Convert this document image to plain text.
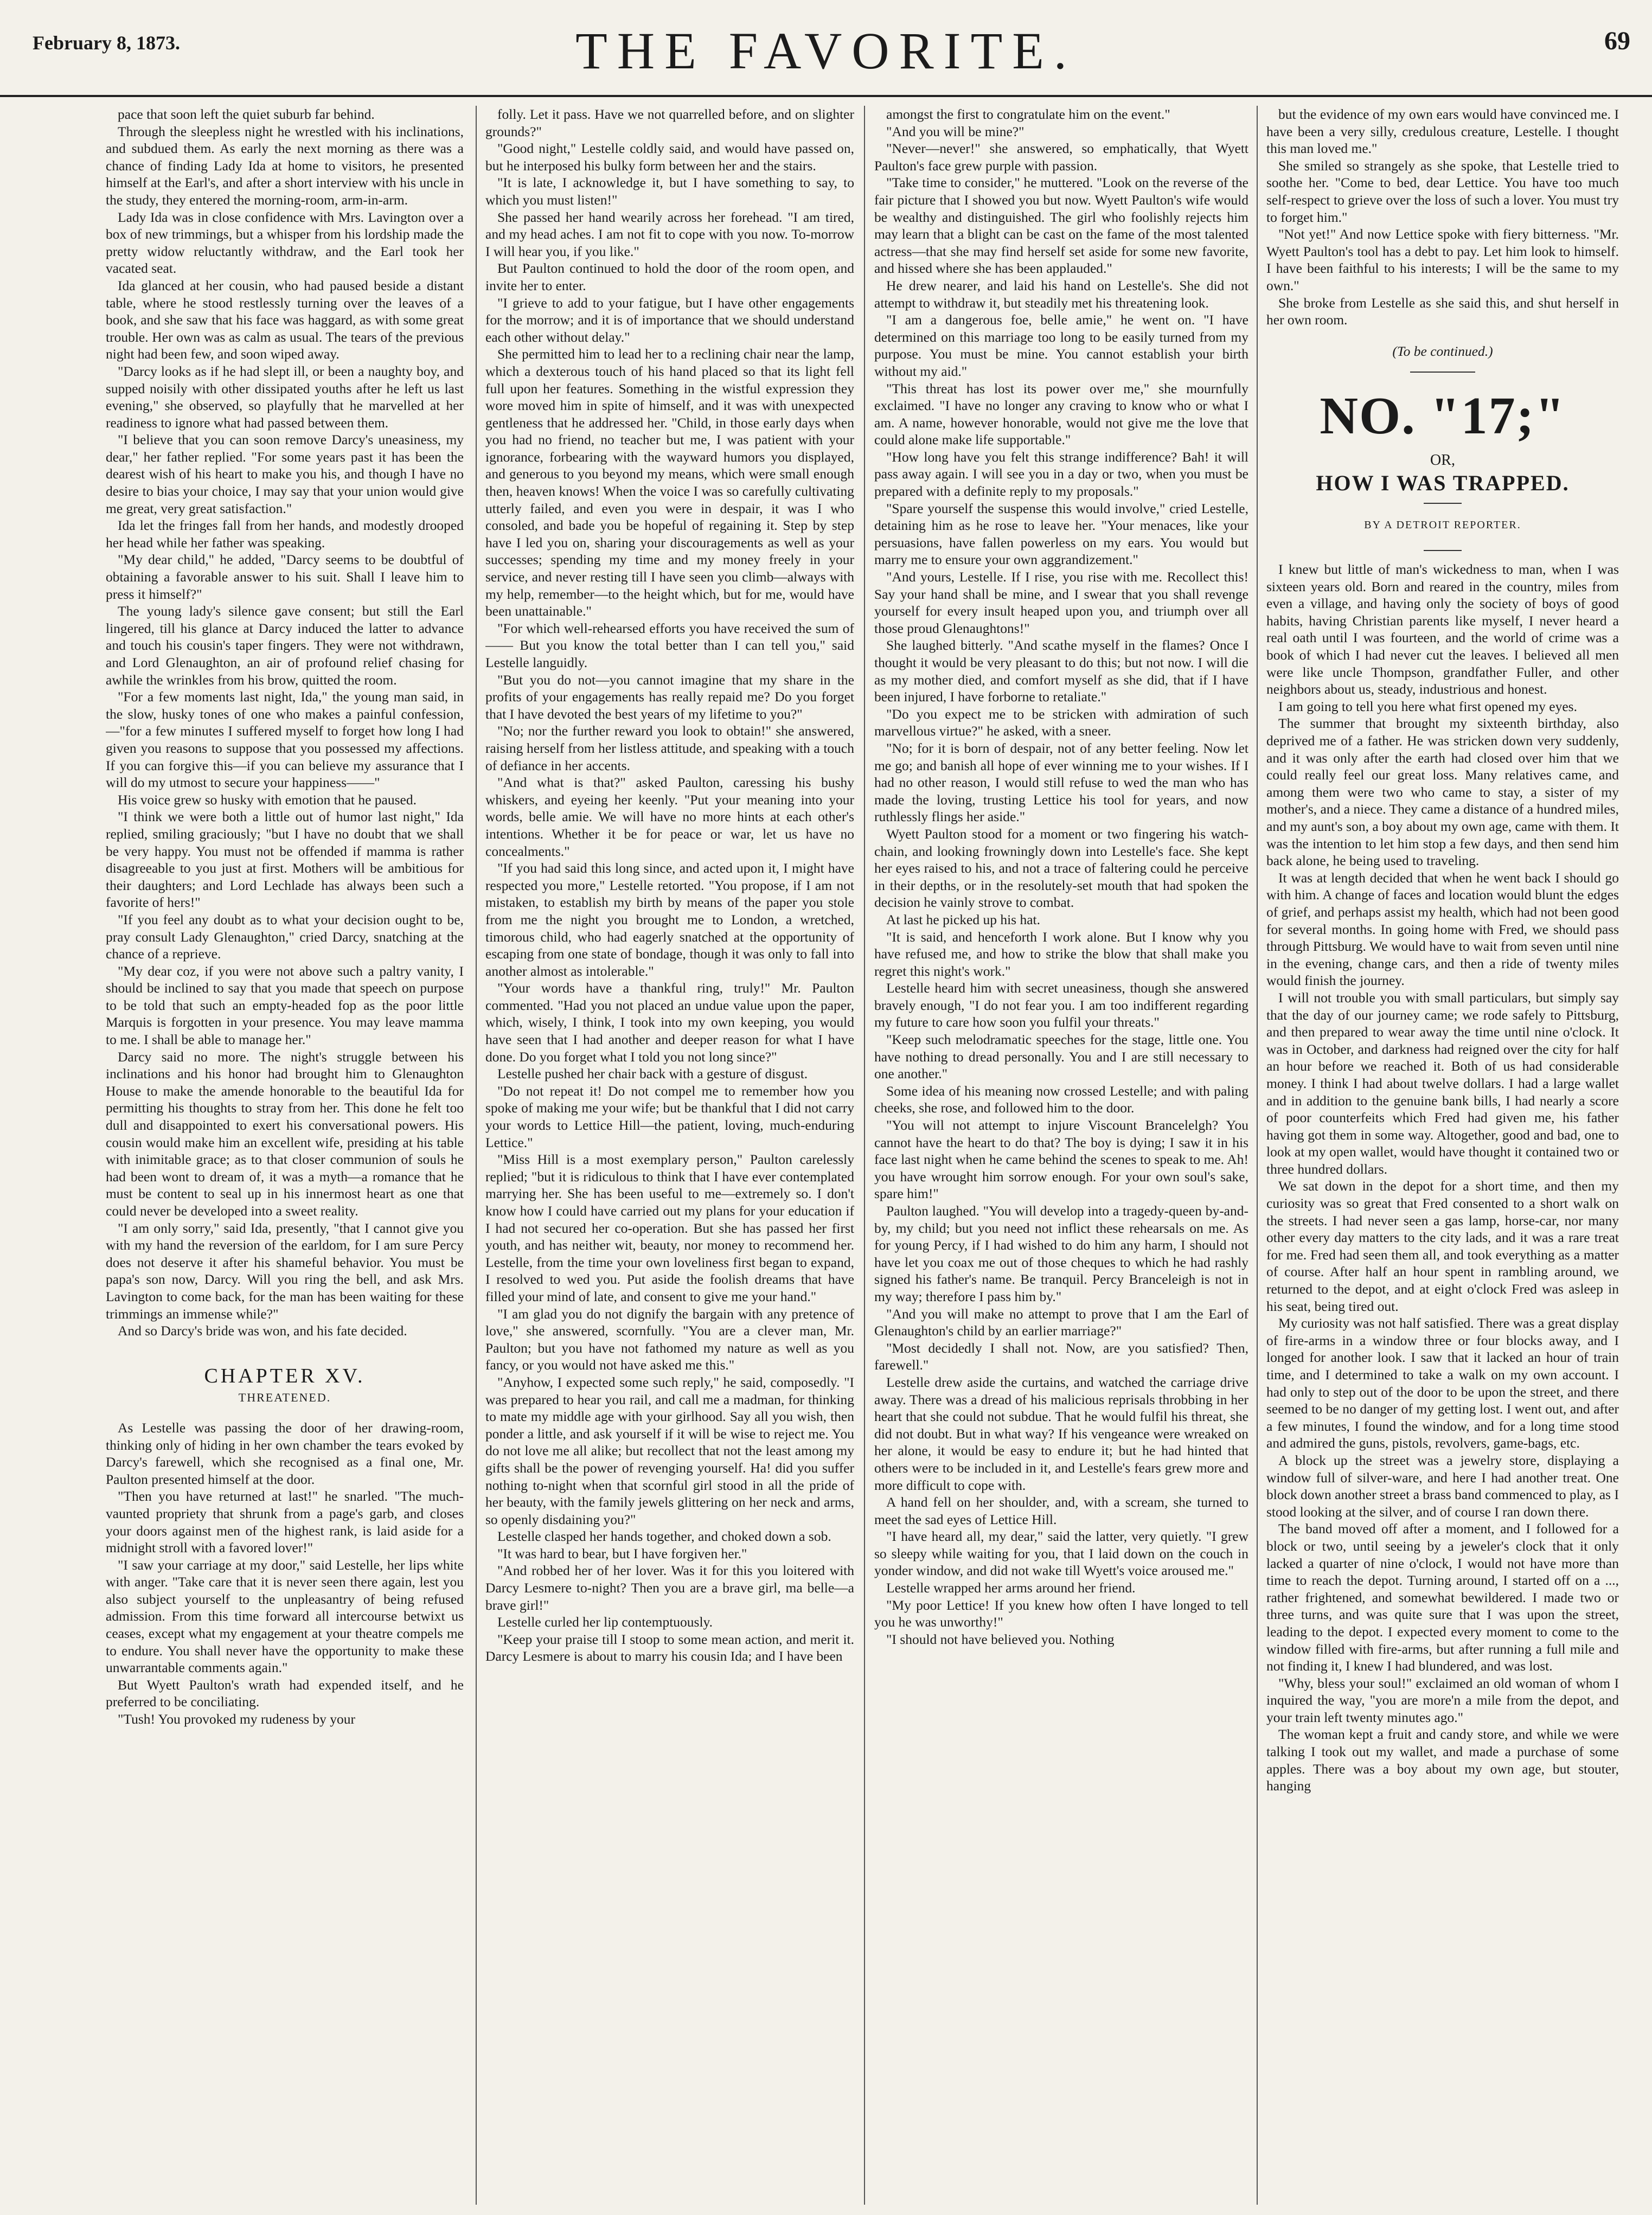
February 8, 1873.	THE FAVORITE.	69

pace that soon left the quiet suburb far behind.

Through the sleepless night he wrestled with his inclinations, and subdued them. As early the next morning as there was a chance of finding Lady Ida at home to visitors, he presented himself at the Earl's, and after a short interview with his uncle in the study, they entered the morning-room, arm-in-arm.

Lady Ida was in close confidence with Mrs. Lavington over a box of new trimmings, but a whisper from his lordship made the pretty widow reluctantly withdraw, and the Earl took her vacated seat.

Ida glanced at her cousin, who had paused beside a distant table, where he stood restlessly turning over the leaves of a book, and she saw that his face was haggard, as with some great trouble. Her own was as calm as usual. The tears of the previous night had been few, and soon wiped away.

"Darcy looks as if he had slept ill, or been a naughty boy, and supped noisily with other dissipated youths after he left us last evening," she observed, so playfully that he marvelled at her readiness to ignore what had passed between them.

"I believe that you can soon remove Darcy's uneasiness, my dear," her father replied. "For some years past it has been the dearest wish of his heart to make you his, and though I have no desire to bias your choice, I may say that your union would give me great, very great satisfaction."

Ida let the fringes fall from her hands, and modestly drooped her head while her father was speaking.

"My dear child," he added, "Darcy seems to be doubtful of obtaining a favorable answer to his suit. Shall I leave him to press it himself?"

The young lady's silence gave consent; but still the Earl lingered, till his glance at Darcy induced the latter to advance and touch his cousin's taper fingers. They were not withdrawn, and Lord Glenaughton, an air of profound relief chasing for awhile the wrinkles from his brow, quitted the room.

"For a few moments last night, Ida," the young man said, in the slow, husky tones of one who makes a painful confession,—"for a few minutes I suffered myself to forget how long I had given you reasons to suppose that you possessed my affections. If you can forgive this—if you can believe my assurance that I will do my utmost to secure your happiness——"

His voice grew so husky with emotion that he paused.

"I think we were both a little out of humor last night," Ida replied, smiling graciously; "but I have no doubt that we shall be very happy. You must not be offended if mamma is rather disagreeable to you just at first. Mothers will be ambitious for their daughters; and Lord Lechlade has always been such a favorite of hers!"

"If you feel any doubt as to what your decision ought to be, pray consult Lady Glenaughton," cried Darcy, snatching at the chance of a reprieve.

"My dear coz, if you were not above such a paltry vanity, I should be inclined to say that you made that speech on purpose to be told that such an empty-headed fop as the poor little Marquis is forgotten in your presence. You may leave mamma to me. I shall be able to manage her."

Darcy said no more. The night's struggle between his inclinations and his honor had brought him to Glenaughton House to make the amende honorable to the beautiful Ida for permitting his thoughts to stray from her. This done he felt too dull and disappointed to exert his conversational powers. His cousin would make him an excellent wife, presiding at his table with inimitable grace; as to that closer communion of souls he had been wont to dream of, it was a myth—a romance that he must be content to seal up in his innermost heart as one that could never be developed into a sweet reality.

"I am only sorry," said Ida, presently, "that I cannot give you with my hand the reversion of the earldom, for I am sure Percy does not deserve it after his shameful behavior. You must be papa's son now, Darcy. Will you ring the bell, and ask Mrs. Lavington to come back, for the man has been waiting for these trimmings an immense while?"

And so Darcy's bride was won, and his fate decided.

CHAPTER XV.
THREATENED.

As Lestelle was passing the door of her drawing-room, thinking only of hiding in her own chamber the tears evoked by Darcy's farewell, which she recognised as a final one, Mr. Paulton presented himself at the door.

"Then you have returned at last!" he snarled. "The much-vaunted propriety that shrunk from a page's garb, and closes your doors against men of the highest rank, is laid aside for a midnight stroll with a favored lover!"

"I saw your carriage at my door," said Lestelle, her lips white with anger. "Take care that it is never seen there again, lest you also subject yourself to the unpleasantry of being refused admission. From this time forward all intercourse betwixt us ceases, except what my engagement at your theatre compels me to endure. You shall never have the opportunity to make these unwarrantable comments again."

But Wyett Paulton's wrath had expended itself, and he preferred to be conciliating.

"Tush! You provoked my rudeness by your

folly. Let it pass. Have we not quarrelled before, and on slighter grounds?"

"Good night," Lestelle coldly said, and would have passed on, but he interposed his bulky form between her and the stairs.

"It is late, I acknowledge it, but I have something to say, to which you must listen!"

She passed her hand wearily across her forehead. "I am tired, and my head aches. I am not fit to cope with you now. To-morrow I will hear you, if you like."

But Paulton continued to hold the door of the room open, and invite her to enter.

"I grieve to add to your fatigue, but I have other engagements for the morrow; and it is of importance that we should understand each other without delay."

She permitted him to lead her to a reclining chair near the lamp, which a dexterous touch of his hand placed so that its light fell full upon her features. Something in the wistful expression they wore moved him in spite of himself, and it was with unexpected gentleness that he addressed her. "Child, in those early days when you had no friend, no teacher but me, I was patient with your ignorance, forbearing with the wayward humors you displayed, and generous to you beyond my means, which were small enough then, heaven knows! When the voice I was so carefully cultivating utterly failed, and even you were in despair, it was I who consoled, and bade you be hopeful of regaining it. Step by step have I led you on, sharing your discouragements as well as your successes; spending my time and my money freely in your service, and never resting till I have seen you climb—always with my help, remember—to the height which, but for me, would have been unattainable."

"For which well-rehearsed efforts you have received the sum of—— But you know the total better than I can tell you," said Lestelle languidly.

"But you do not—you cannot imagine that my share in the profits of your engagements has really repaid me? Do you forget that I have devoted the best years of my lifetime to you?"

"No; nor the further reward you look to obtain!" she answered, raising herself from her listless attitude, and speaking with a touch of defiance in her accents.

"And what is that?" asked Paulton, caressing his bushy whiskers, and eyeing her keenly. "Put your meaning into your words, belle amie. We will have no more hints at each other's intentions. Whether it be for peace or war, let us have no concealments."

"If you had said this long since, and acted upon it, I might have respected you more," Lestelle retorted. "You propose, if I am not mistaken, to establish my birth by means of the paper you stole from me the night you brought me to London, a wretched, timorous child, who had eagerly snatched at the opportunity of escaping from one state of bondage, though it was only to fall into another almost as intolerable."

"Your words have a thankful ring, truly!" Mr. Paulton commented. "Had you not placed an undue value upon the paper, which, wisely, I think, I took into my own keeping, you would have seen that I had another and deeper reason for what I have done. Do you forget what I told you not long since?"

Lestelle pushed her chair back with a gesture of disgust.

"Do not repeat it! Do not compel me to remember how you spoke of making me your wife; but be thankful that I did not carry your words to Lettice Hill—the patient, loving, much-enduring Lettice."

"Miss Hill is a most exemplary person," Paulton carelessly replied; "but it is ridiculous to think that I have ever contemplated marrying her. She has been useful to me—extremely so. I don't know how I could have carried out my plans for your education if I had not secured her co-operation. But she has passed her first youth, and has neither wit, beauty, nor money to recommend her. Lestelle, from the time your own loveliness first began to expand, I resolved to wed you. Put aside the foolish dreams that have filled your mind of late, and consent to give me your hand."

"I am glad you do not dignify the bargain with any pretence of love," she answered, scornfully. "You are a clever man, Mr. Paulton; but you have not fathomed my nature as well as you fancy, or you would not have asked me this."

"Anyhow, I expected some such reply," he said, composedly. "I was prepared to hear you rail, and call me a madman, for thinking to mate my middle age with your girlhood. Say all you wish, then ponder a little, and ask yourself if it will be wise to reject me. You do not love me all alike; but recollect that not the least among my gifts shall be the power of revenging yourself. Ha! did you suffer nothing to-night when that scornful girl stood in all the pride of her beauty, with the family jewels glittering on her neck and arms, so openly disdaining you?"

Lestelle clasped her hands together, and choked down a sob.

"It was hard to bear, but I have forgiven her."

"And robbed her of her lover. Was it for this you loitered with Darcy Lesmere to-night? Then you are a brave girl, ma belle—a brave girl!"

Lestelle curled her lip contemptuously.

"Keep your praise till I stoop to some mean action, and merit it. Darcy Lesmere is about to marry his cousin Ida; and I have been

amongst the first to congratulate him on the event."

"And you will be mine?"

"Never—never!" she answered, so emphatically, that Wyett Paulton's face grew purple with passion.

"Take time to consider," he muttered. "Look on the reverse of the fair picture that I showed you but now. Wyett Paulton's wife would be wealthy and distinguished. The girl who foolishly rejects him may learn that a blight can be cast on the fame of the most talented actress—that she may find herself set aside for some new favorite, and hissed where she has been applauded."

He drew nearer, and laid his hand on Lestelle's. She did not attempt to withdraw it, but steadily met his threatening look.

"I am a dangerous foe, belle amie," he went on. "I have determined on this marriage too long to be easily turned from my purpose. You must be mine. You cannot establish your birth without my aid."

"This threat has lost its power over me," she mournfully exclaimed. "I have no longer any craving to know who or what I am. A name, however honorable, would not give me the love that could alone make life supportable."

"How long have you felt this strange indifference? Bah! it will pass away again. I will see you in a day or two, when you must be prepared with a definite reply to my proposals."

"Spare yourself the suspense this would involve," cried Lestelle, detaining him as he rose to leave her. "Your menaces, like your persuasions, have fallen powerless on my ears. You would but marry me to ensure your own aggrandizement."

"And yours, Lestelle. If I rise, you rise with me. Recollect this! Say your hand shall be mine, and I swear that you shall revenge yourself for every insult heaped upon you, and triumph over all those proud Glenaughtons!"

She laughed bitterly. "And scathe myself in the flames? Once I thought it would be very pleasant to do this; but not now. I will die as my mother died, and comfort myself as she did, that if I have been injured, I have forborne to retaliate."

"Do you expect me to be stricken with admiration of such marvellous virtue?" he asked, with a sneer.

"No; for it is born of despair, not of any better feeling. Now let me go; and banish all hope of ever winning me to your wishes. If I had no other reason, I would still refuse to wed the man who has made the loving, trusting Lettice his tool for years, and now ruthlessly flings her aside."

Wyett Paulton stood for a moment or two fingering his watch-chain, and looking frowningly down into Lestelle's face. She kept her eyes raised to his, and not a trace of faltering could he perceive in their depths, or in the resolutely-set mouth that had spoken the decision he vainly strove to combat.

At last he picked up his hat.

"It is said, and henceforth I work alone. But I know why you have refused me, and how to strike the blow that shall make you regret this night's work."

Lestelle heard him with secret uneasiness, though she answered bravely enough, "I do not fear you. I am too indifferent regarding my future to care how soon you fulfil your threats."

"Keep such melodramatic speeches for the stage, little one. You have nothing to dread personally. You and I are still necessary to one another."

Some idea of his meaning now crossed Lestelle; and with paling cheeks, she rose, and followed him to the door.

"You will not attempt to injure Viscount Brancelelgh? You cannot have the heart to do that? The boy is dying; I saw it in his face last night when he came behind the scenes to speak to me. Ah! you have wrought him sorrow enough. For your own soul's sake, spare him!"

Paulton laughed. "You will develop into a tragedy-queen by-and-by, my child; but you need not inflict these rehearsals on me. As for young Percy, if I had wished to do him any harm, I should not have let you coax me out of those cheques to which he had rashly signed his father's name. Be tranquil. Percy Branceleigh is not in my way; therefore I pass him by."

"And you will make no attempt to prove that I am the Earl of Glenaughton's child by an earlier marriage?"

"Most decidedly I shall not. Now, are you satisfied? Then, farewell."

Lestelle drew aside the curtains, and watched the carriage drive away. There was a dread of his malicious reprisals throbbing in her heart that she could not subdue. That he would fulfil his threat, she did not doubt. But in what way? If his vengeance were wreaked on her alone, it would be easy to endure it; but he had hinted that others were to be included in it, and Lestelle's fears grew more and more difficult to cope with.

A hand fell on her shoulder, and, with a scream, she turned to meet the sad eyes of Lettice Hill.

"I have heard all, my dear," said the latter, very quietly. "I grew so sleepy while waiting for you, that I laid down on the couch in yonder window, and did not wake till Wyett's voice aroused me."

Lestelle wrapped her arms around her friend.

"My poor Lettice! If you knew how often I have longed to tell you he was unworthy!"

"I should not have believed you. Nothing

but the evidence of my own ears would have convinced me. I have been a very silly, credulous creature, Lestelle. I thought this man loved me."

She smiled so strangely as she spoke, that Lestelle tried to soothe her. "Come to bed, dear Lettice. You have too much self-respect to grieve over the loss of such a lover. You must try to forget him."

"Not yet!" And now Lettice spoke with fiery bitterness. "Mr. Wyett Paulton's tool has a debt to pay. Let him look to himself. I have been faithful to his interests; I will be the same to my own."

She broke from Lestelle as she said this, and shut herself in her own room.

(To be continued.)
NO. "17;"
OR,
HOW I WAS TRAPPED.
BY A DETROIT REPORTER.

I knew but little of man's wickedness to man, when I was sixteen years old. Born and reared in the country, miles from even a village, and having only the society of boys of good habits, having Christian parents like myself, I never heard a real oath until I was fourteen, and the world of crime was a book of which I had never cut the leaves. I believed all men were like uncle Thompson, grandfather Fuller, and other neighbors about us, steady, industrious and honest.

I am going to tell you here what first opened my eyes.

The summer that brought my sixteenth birthday, also deprived me of a father. He was stricken down very suddenly, and it was only after the earth had closed over him that we could really feel our great loss. Many relatives came, and among them were two who came to stay, a sister of my mother's, and a niece. They came a distance of a hundred miles, and my aunt's son, a boy about my own age, came with them. It was the intention to let him stop a few days, and then send him back alone, he being used to traveling.

It was at length decided that when he went back I should go with him. A change of faces and location would blunt the edges of grief, and perhaps assist my health, which had not been good for several months. In going home with Fred, we should pass through Pittsburg. We would have to wait from seven until nine in the evening, change cars, and then a ride of twenty miles would finish the journey.

I will not trouble you with small particulars, but simply say that the day of our journey came; we rode safely to Pittsburg, and then prepared to wear away the time until nine o'clock. It was in October, and darkness had reigned over the city for half an hour before we reached it. Both of us had considerable money. I think I had about twelve dollars. I had a large wallet and in addition to the genuine bank bills, I had nearly a score of poor counterfeits which Fred had given me, his father having got them in some way. Altogether, good and bad, one to look at my open wallet, would have thought it contained two or three hundred dollars.

We sat down in the depot for a short time, and then my curiosity was so great that Fred consented to a short walk on the streets. I had never seen a gas lamp, horse-car, nor many other every day matters to the city lads, and it was a rare treat for me. Fred had seen them all, and took everything as a matter of course. After half an hour spent in rambling around, we returned to the depot, and at eight o'clock Fred was asleep in his seat, being tired out.

My curiosity was not half satisfied. There was a great display of fire-arms in a window three or four blocks away, and I longed for another look. I saw that it lacked an hour of train time, and I determined to take a walk on my own account. I had only to step out of the door to be upon the street, and there seemed to be no danger of my getting lost. I went out, and after a few minutes, I found the window, and for a long time stood and admired the guns, pistols, revolvers, game-bags, etc.

A block up the street was a jewelry store, displaying a window full of silver-ware, and here I had another treat. One block down another street a brass band commenced to play, as I stood looking at the silver, and of course I ran down there.

The band moved off after a moment, and I followed for a block or two, until seeing by a jeweler's clock that it only lacked a quarter of nine o'clock, I would not have more than time to reach the depot. Turning around, I started off on a ..., rather frightened, and somewhat bewildered. I made two or three turns, and was quite sure that I was upon the street, leading to the depot. I expected every moment to come to the window filled with fire-arms, but after running a full mile and not finding it, I knew I had blundered, and was lost.

"Why, bless your soul!" exclaimed an old woman of whom I inquired the way, "you are more'n a mile from the depot, and your train left twenty minutes ago."

The woman kept a fruit and candy store, and while we were talking I took out my wallet, and made a purchase of some apples. There was a boy about my own age, but stouter, hanging
